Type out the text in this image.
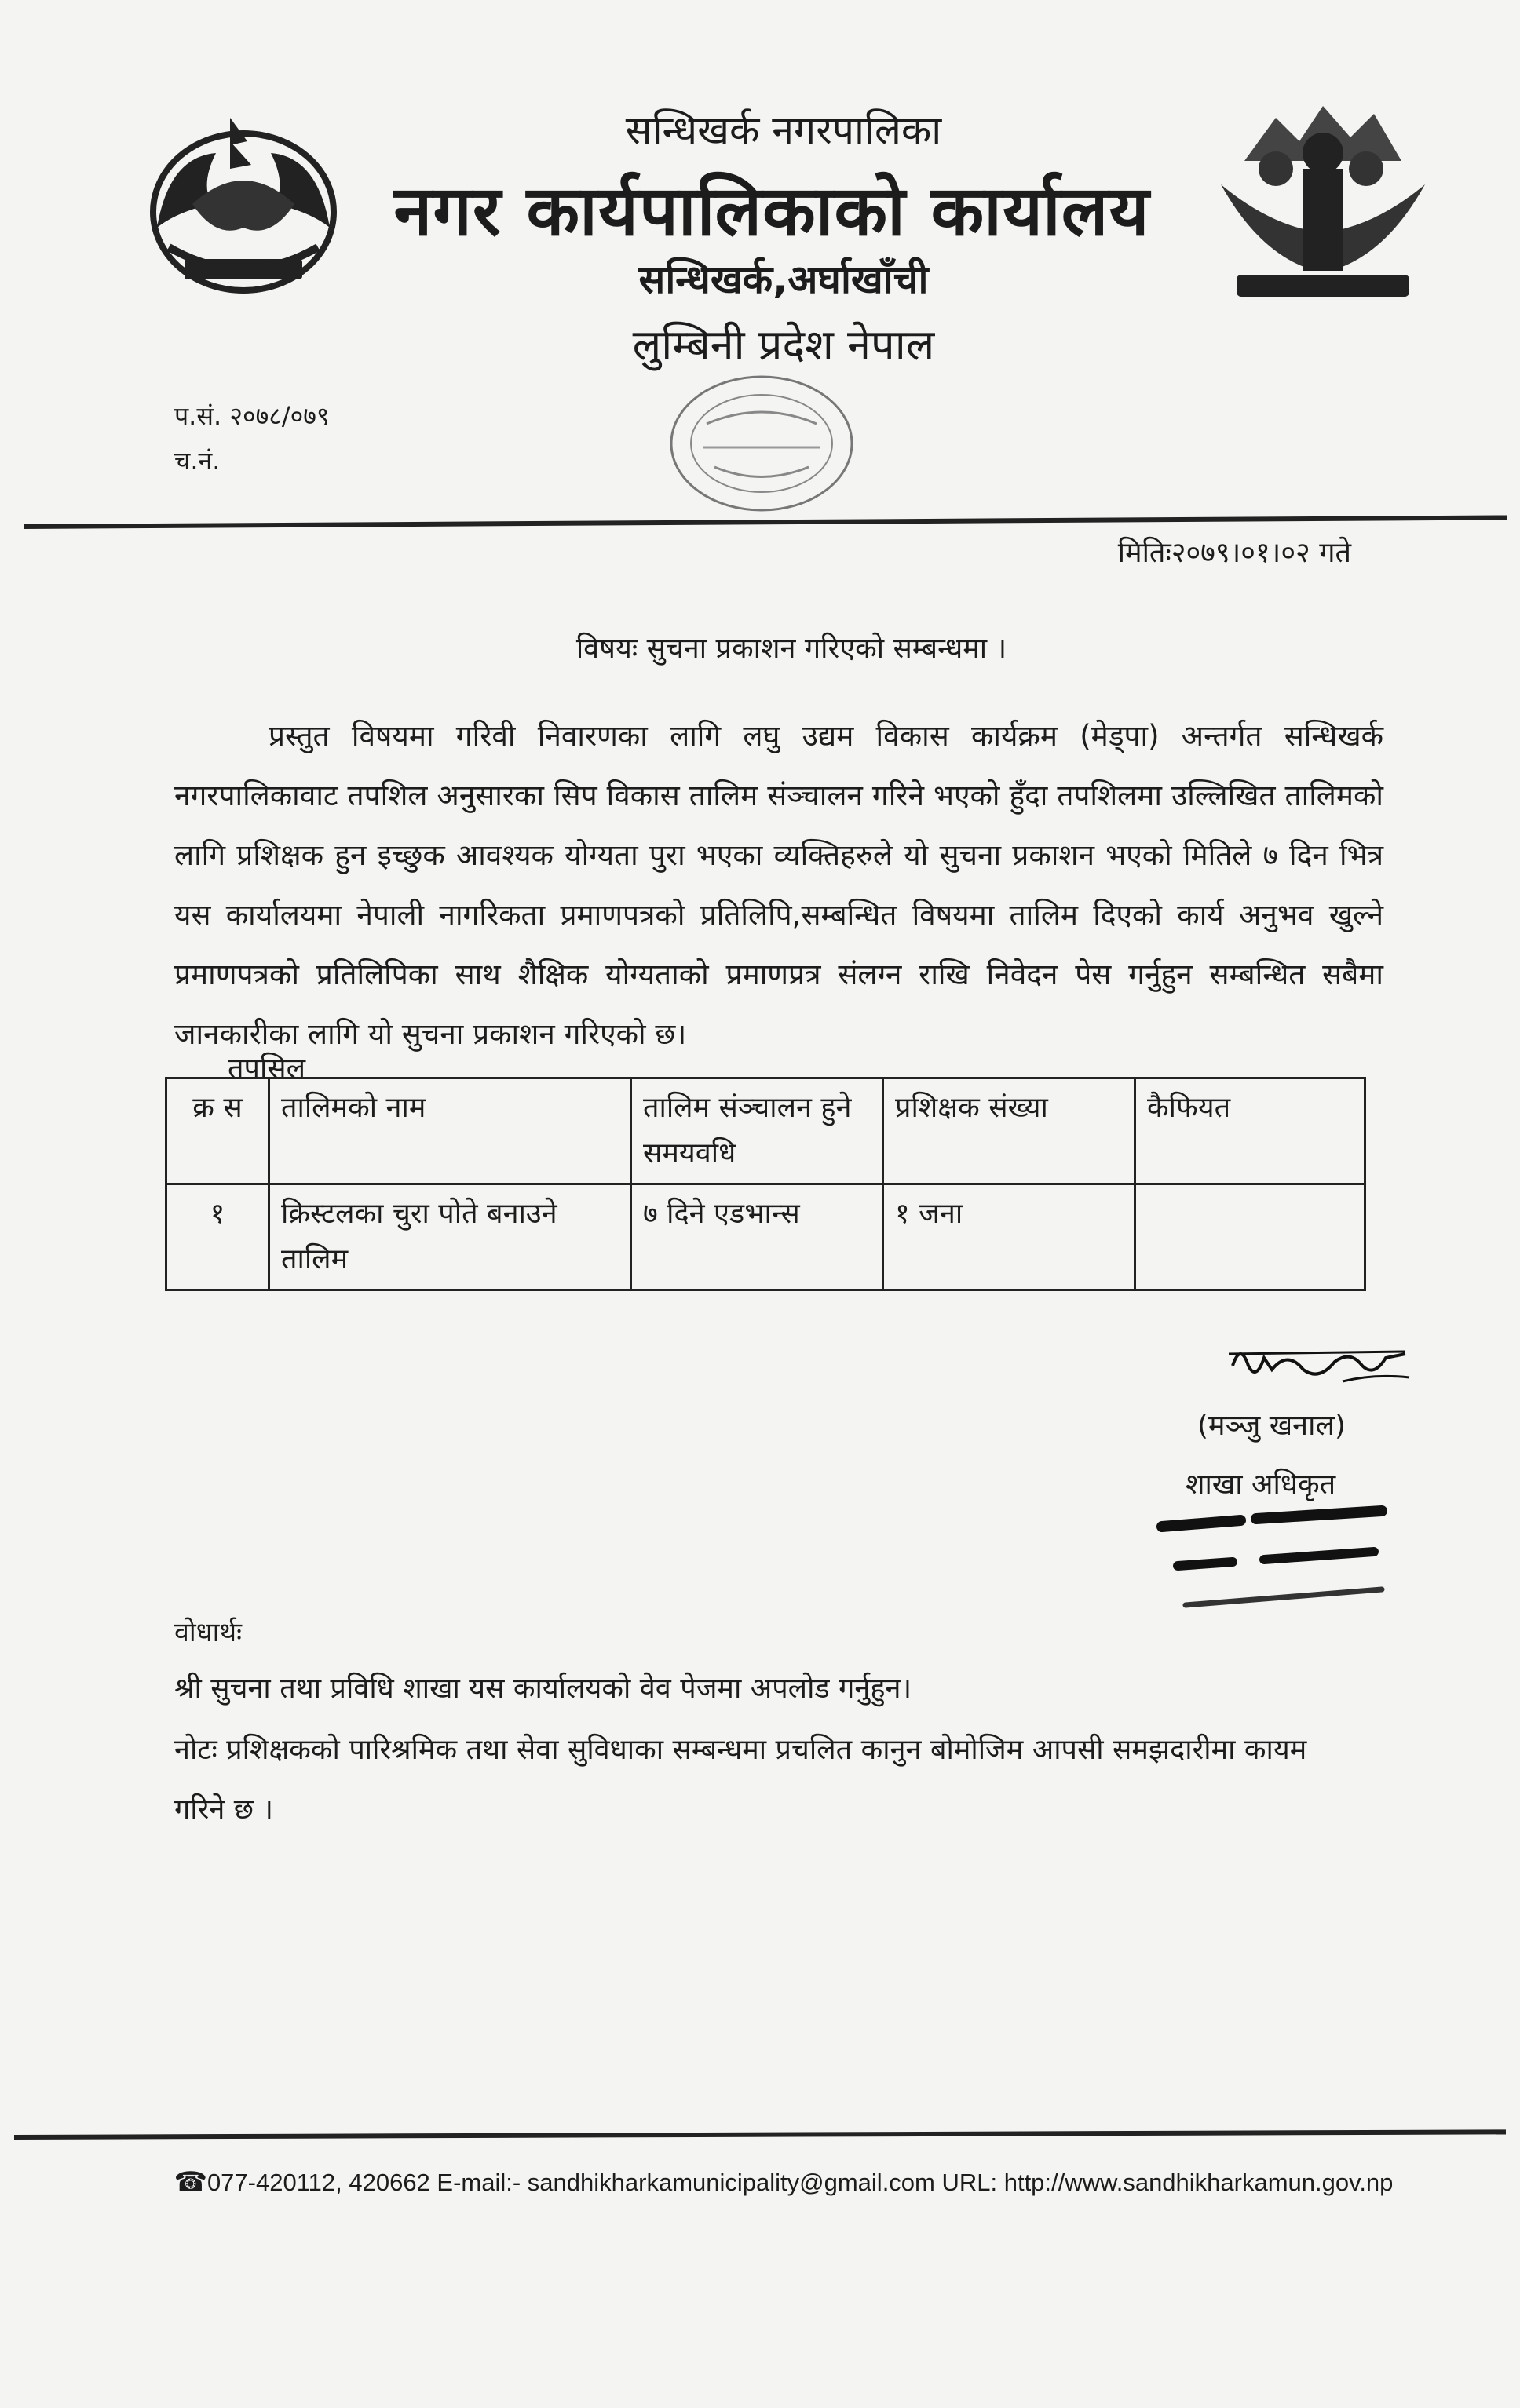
सन्धिखर्क नगरपालिका
नगर कार्यपालिकाको कार्यालय
सन्धिखर्क,अर्घाखाँची
लुम्बिनी प्रदेश नेपाल
प.सं. २०७८/०७९
च.नं.
मितिः२०७९।०१।०२ गते
विषयः सुचना प्रकाशन गरिएको सम्बन्धमा ।
प्रस्तुत विषयमा गरिवी निवारणका लागि लघु उद्यम विकास कार्यक्रम (मेड्पा) अन्तर्गत सन्धिखर्क नगरपालिकावाट तपशिल अनुसारका सिप विकास तालिम संञ्चालन गरिने भएको हुँदा तपशिलमा उल्लिखित तालिमको लागि प्रशिक्षक हुन इच्छुक आवश्यक योग्यता पुरा भएका व्यक्तिहरुले यो सुचना प्रकाशन भएको मितिले ७ दिन भित्र यस कार्यालयमा नेपाली नागरिकता प्रमाणपत्रको प्रतिलिपि,सम्बन्धित विषयमा तालिम दिएको कार्य अनुभव खुल्ने प्रमाणपत्रको प्रतिलिपिका साथ शैक्षिक योग्यताको प्रमाणप्रत्र संलग्न राखि निवेदन पेस गर्नुहुन सम्बन्धित सबैमा जानकारीका लागि यो सुचना प्रकाशन गरिएको छ।
तपसिल
क्र स	तालिमको नाम	तालिम संञ्चालन हुने समयवधि	प्रशिक्षक संख्या	कैफियत
१	क्रिस्टलका चुरा पोते बनाउने तालिम	७ दिने एडभान्स	१ जना	
(मञ्जु खनाल)
शाखा अधिकृत
वोधार्थः
श्री सुचना तथा प्रविधि शाखा यस कार्यालयको वेव पेजमा अपलोड गर्नुहुन।
नोटः प्रशिक्षकको पारिश्रमिक तथा सेवा सुविधाका सम्बन्धमा प्रचलित कानुन बोमोजिम आपसी समझदारीमा कायम गरिने छ ।
☎077-420112, 420662 E-mail:- sandhikharkamunicipality@gmail.com URL: http://www.sandhikharkamun.gov.np
